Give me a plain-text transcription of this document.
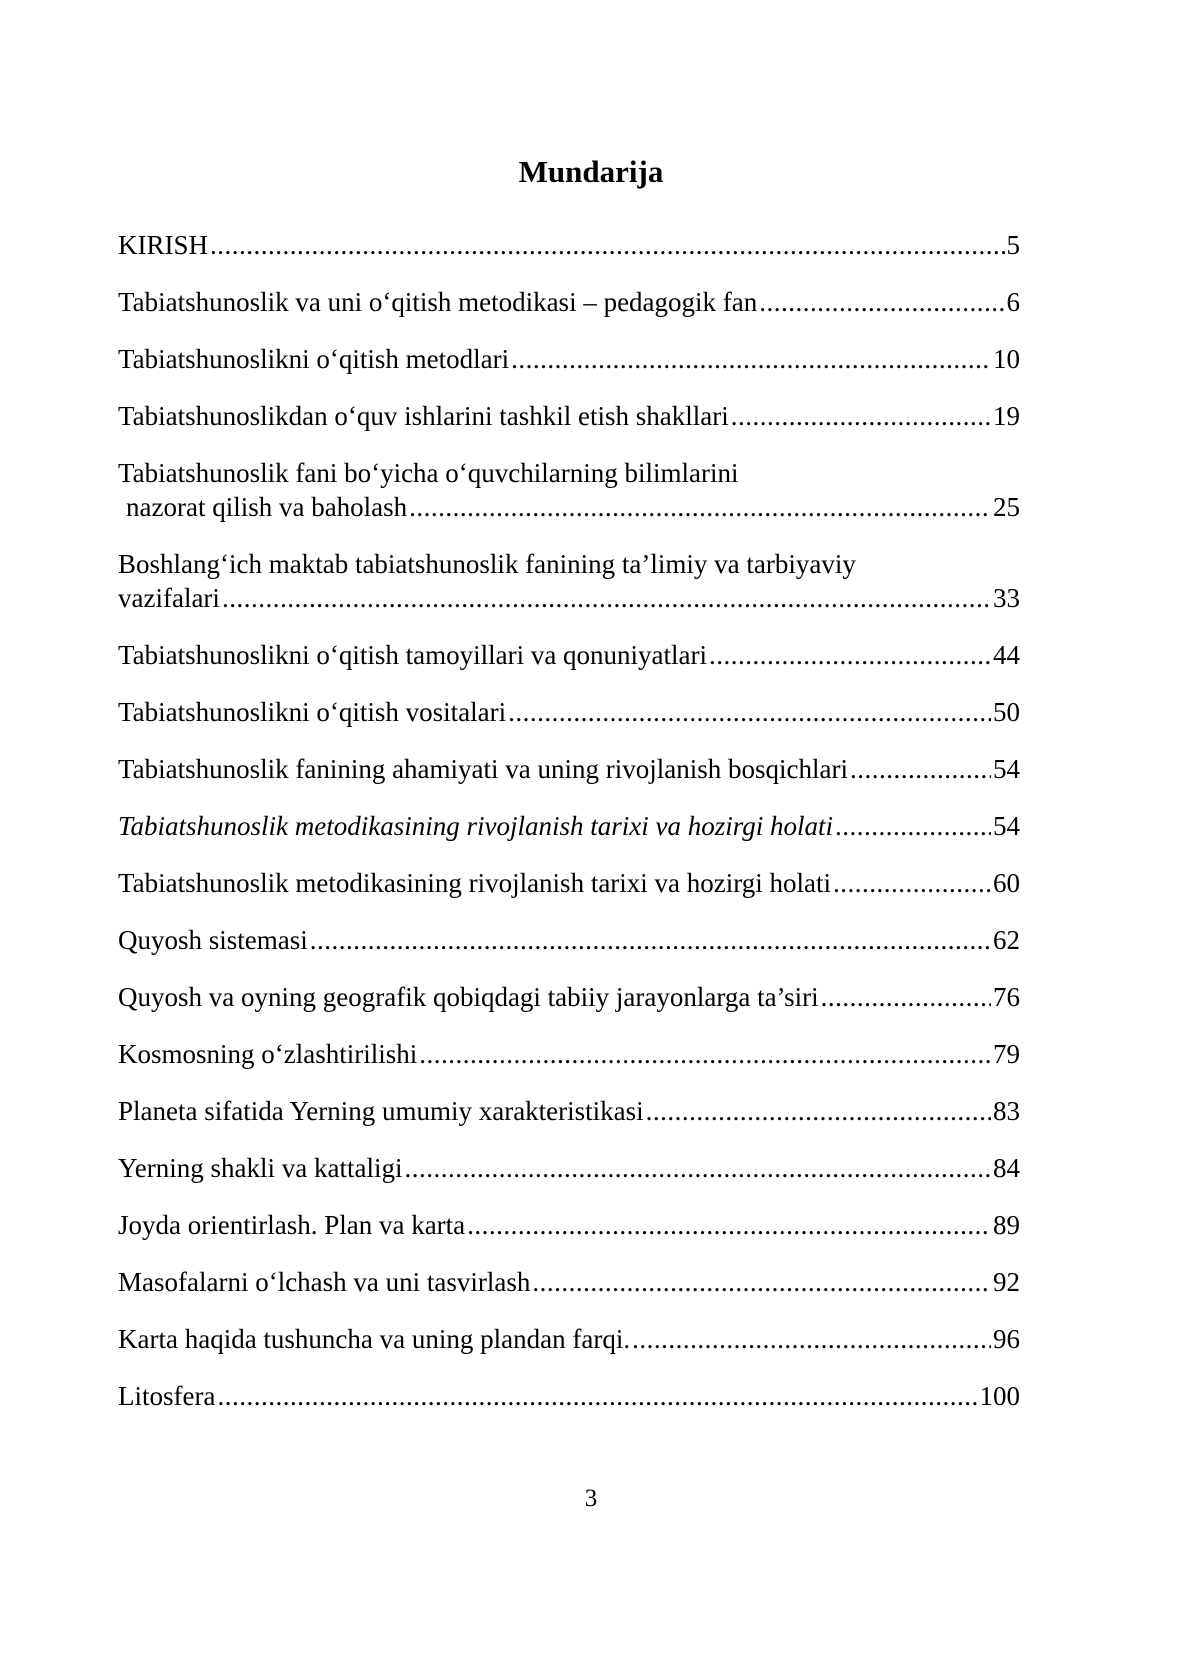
Mundarija
KIRISH .....	5
Tabiatshunoslik va uni o‘qitish metodikasi – pedagogik fan .....	6
Tabiatshunoslikni o‘qitish metodlari .....	10
Tabiatshunoslikdan o‘quv ishlarini tashkil etish shakllari .....	19
Tabiatshunoslik fani bo‘yicha o‘quvchilarning bilimlarini
nazorat qilish va baholash .....	25
Boshlang‘ich maktab tabiatshunoslik fanining ta’limiy va tarbiyaviy
vazifalari .....	33
Tabiatshunoslikni o‘qitish tamoyillari va qonuniyatlari .....	44
Tabiatshunoslikni o‘qitish vositalari .....	50
Tabiatshunoslik fanining ahamiyati va uning rivojlanish bosqichlari .....	54
Tabiatshunoslik metodikasining rivojlanish tarixi va hozirgi holati .....	54
Tabiatshunoslik metodikasining rivojlanish tarixi va hozirgi holati .....	60
Quyosh sistemasi .....	62
Quyosh va oyning geografik qobiqdagi tabiiy jarayonlarga ta’siri .....	76
Kosmosning o‘zlashtirilishi .....	79
Planeta sifatida Yerning umumiy xarakteristikasi .....	83
Yerning shakli va kattaligi .....	84
Joyda orientirlash. Plan va karta .....	89
Masofalarni o‘lchash va uni tasvirlash .....	92
Karta haqida tushuncha va uning plandan farqi. .....	96
Litosfera .....	100
3
